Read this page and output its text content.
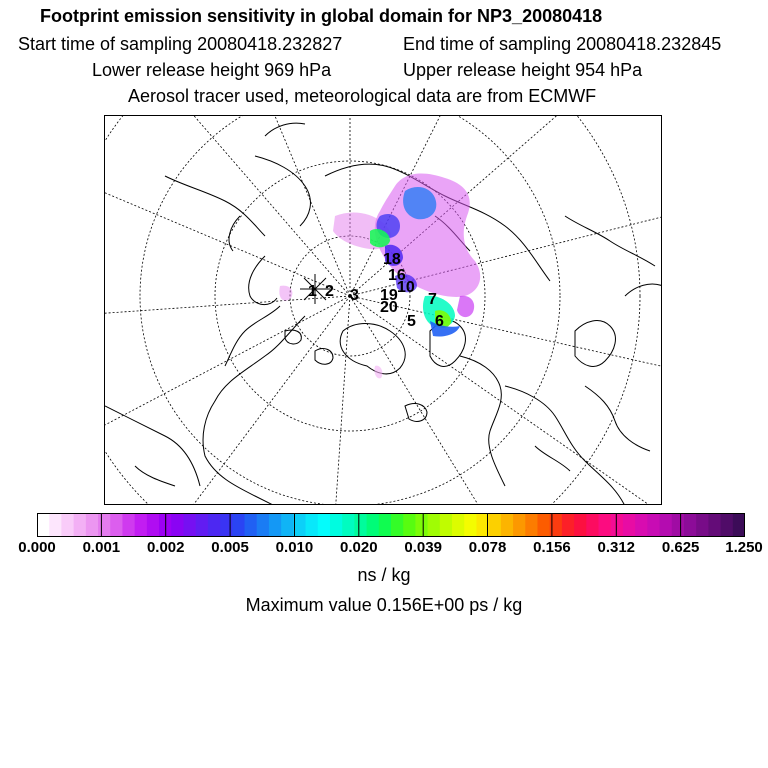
Footprint emission sensitivity in global domain for NP3_20080418
Start time of sampling 20080418.232827	End time of sampling 20080418.232845
Lower release height 969 hPa	Upper release height 954 hPa
Aerosol tracer used, meteorological data are from ECMWF
1 2 3 19
20
5 6
7
18
16
10
0.000 0.001 0.002 0.005 0.010 0.020 0.039 0.078 0.156 0.312 0.625 1.250
ns / kg
Maximum value 0.156E+00 ps / kg
